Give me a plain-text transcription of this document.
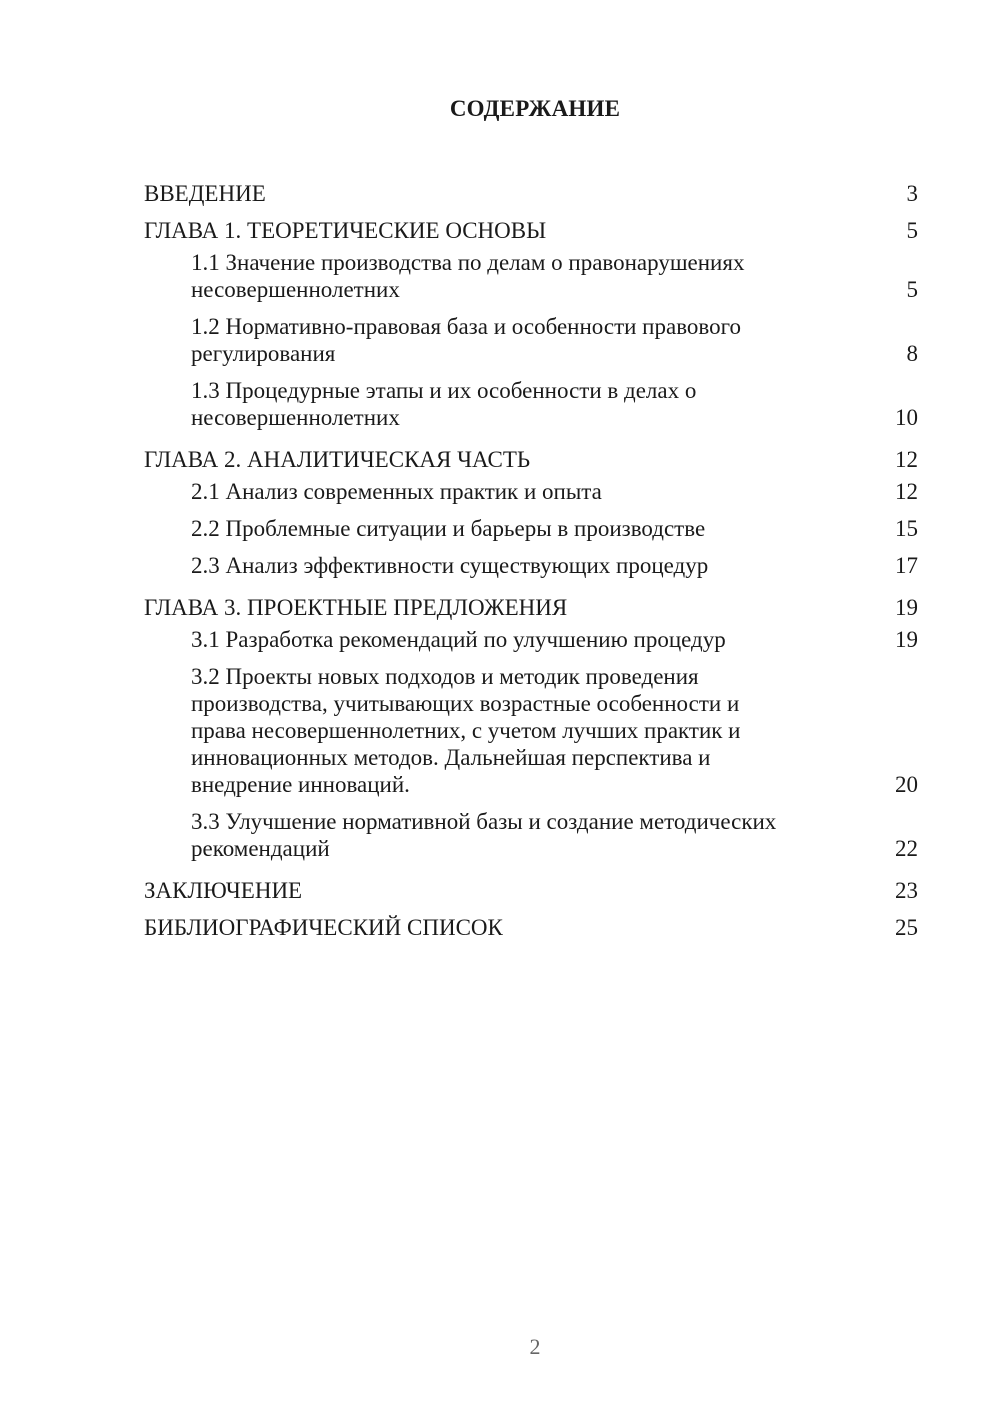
СОДЕРЖАНИЕ
ВВЕДЕНИЕ	3
ГЛАВА 1. ТЕОРЕТИЧЕСКИЕ ОСНОВЫ	5
1.1 Значение производства по делам о правонарушениях
несовершеннолетних	5
1.2 Нормативно-правовая база и особенности правового
регулирования	8
1.3 Процедурные этапы и их особенности в делах о
несовершеннолетних	10
ГЛАВА 2. АНАЛИТИЧЕСКАЯ ЧАСТЬ	12
2.1 Анализ современных практик и опыта	12
2.2 Проблемные ситуации и барьеры в производстве	15
2.3 Анализ эффективности существующих процедур	17
ГЛАВА 3. ПРОЕКТНЫЕ ПРЕДЛОЖЕНИЯ	19
3.1 Разработка рекомендаций по улучшению процедур	19
3.2 Проекты новых подходов и методик проведения
производства, учитывающих возрастные особенности и
права несовершеннолетних, с учетом лучших практик и
инновационных методов. Дальнейшая перспектива и
внедрение инноваций.	20
3.3 Улучшение нормативной базы и создание методических
рекомендаций	22
ЗАКЛЮЧЕНИЕ	23
БИБЛИОГРАФИЧЕСКИЙ СПИСОК	25
2
